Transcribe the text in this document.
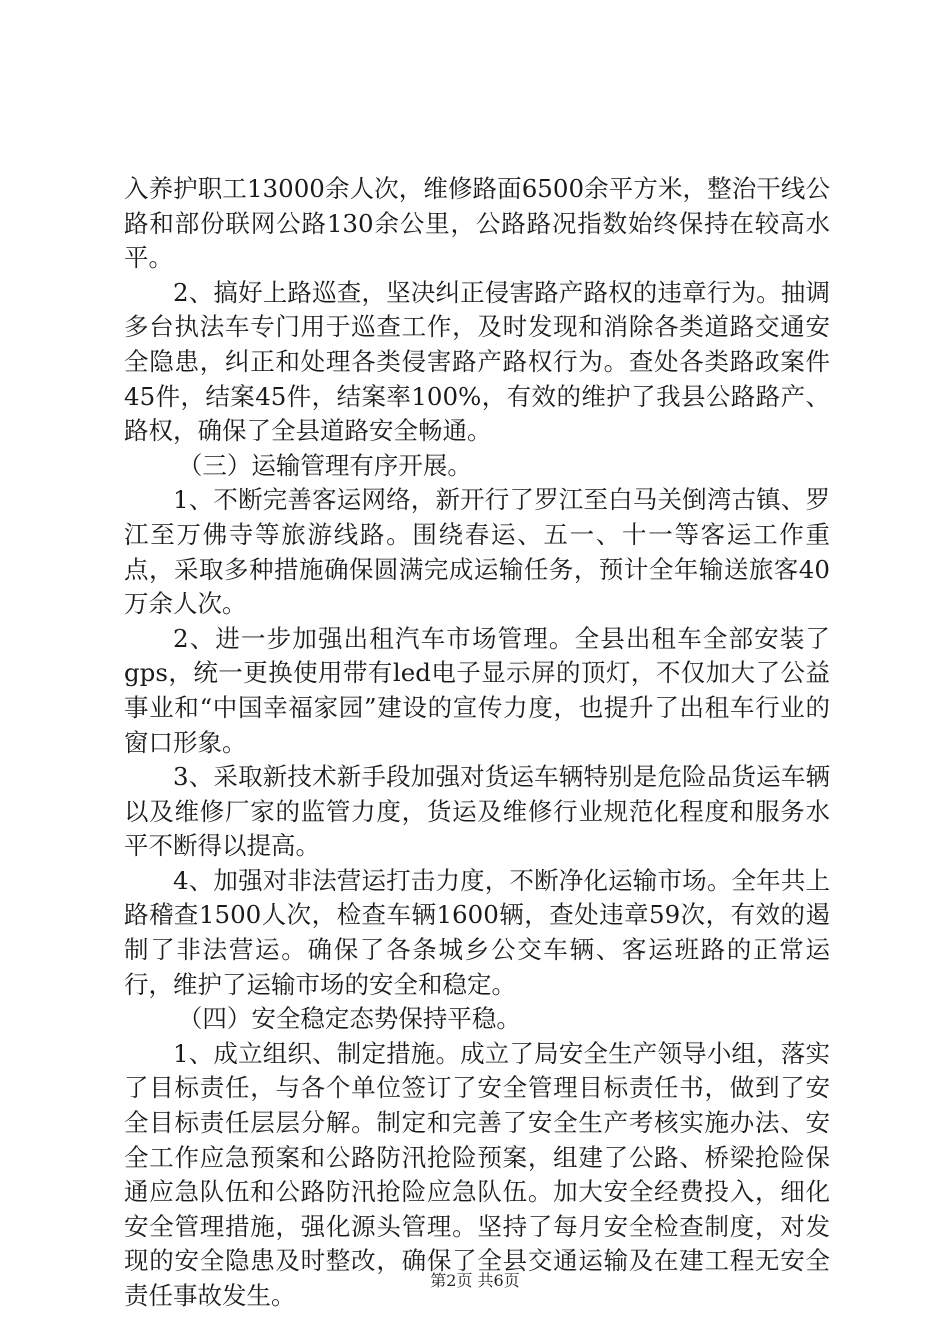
入养护职工13000余人次，维修路面6500余平方米，整治干线公路和部份联网公路130余公里，公路路况指数始终保持在较高水平。

2、搞好上路巡查，坚决纠正侵害路产路权的违章行为。抽调多台执法车专门用于巡查工作，及时发现和消除各类道路交通安全隐患，纠正和处理各类侵害路产路权行为。查处各类路政案件45件，结案45件，结案率100%，有效的维护了我县公路路产、路权，确保了全县道路安全畅通。

（三）运输管理有序开展。

1、不断完善客运网络，新开行了罗江至白马关倒湾古镇、罗江至万佛寺等旅游线路。围绕春运、五一、十一等客运工作重点，采取多种措施确保圆满完成运输任务，预计全年输送旅客40万余人次。

2、进一步加强出租汽车市场管理。全县出租车全部安装了gps，统一更换使用带有led电子显示屏的顶灯，不仅加大了公益事业和“中国幸福家园”建设的宣传力度，也提升了出租车行业的窗口形象。

3、采取新技术新手段加强对货运车辆特别是危险品货运车辆以及维修厂家的监管力度，货运及维修行业规范化程度和服务水平不断得以提高。

4、加强对非法营运打击力度，不断净化运输市场。全年共上路稽查1500人次，检查车辆1600辆，查处违章59次，有效的遏制了非法营运。确保了各条城乡公交车辆、客运班路的正常运行，维护了运输市场的安全和稳定。

（四）安全稳定态势保持平稳。

1、成立组织、制定措施。成立了局安全生产领导小组，落实了目标责任，与各个单位签订了安全管理目标责任书，做到了安全目标责任层层分解。制定和完善了安全生产考核实施办法、安全工作应急预案和公路防汛抢险预案，组建了公路、桥梁抢险保通应急队伍和公路防汛抢险应急队伍。加大安全经费投入，细化安全管理措施，强化源头管理。坚持了每月安全检查制度，对发现的安全隐患及时整改，确保了全县交通运输及在建工程无安全责任事故发生。

第2页 共6页
